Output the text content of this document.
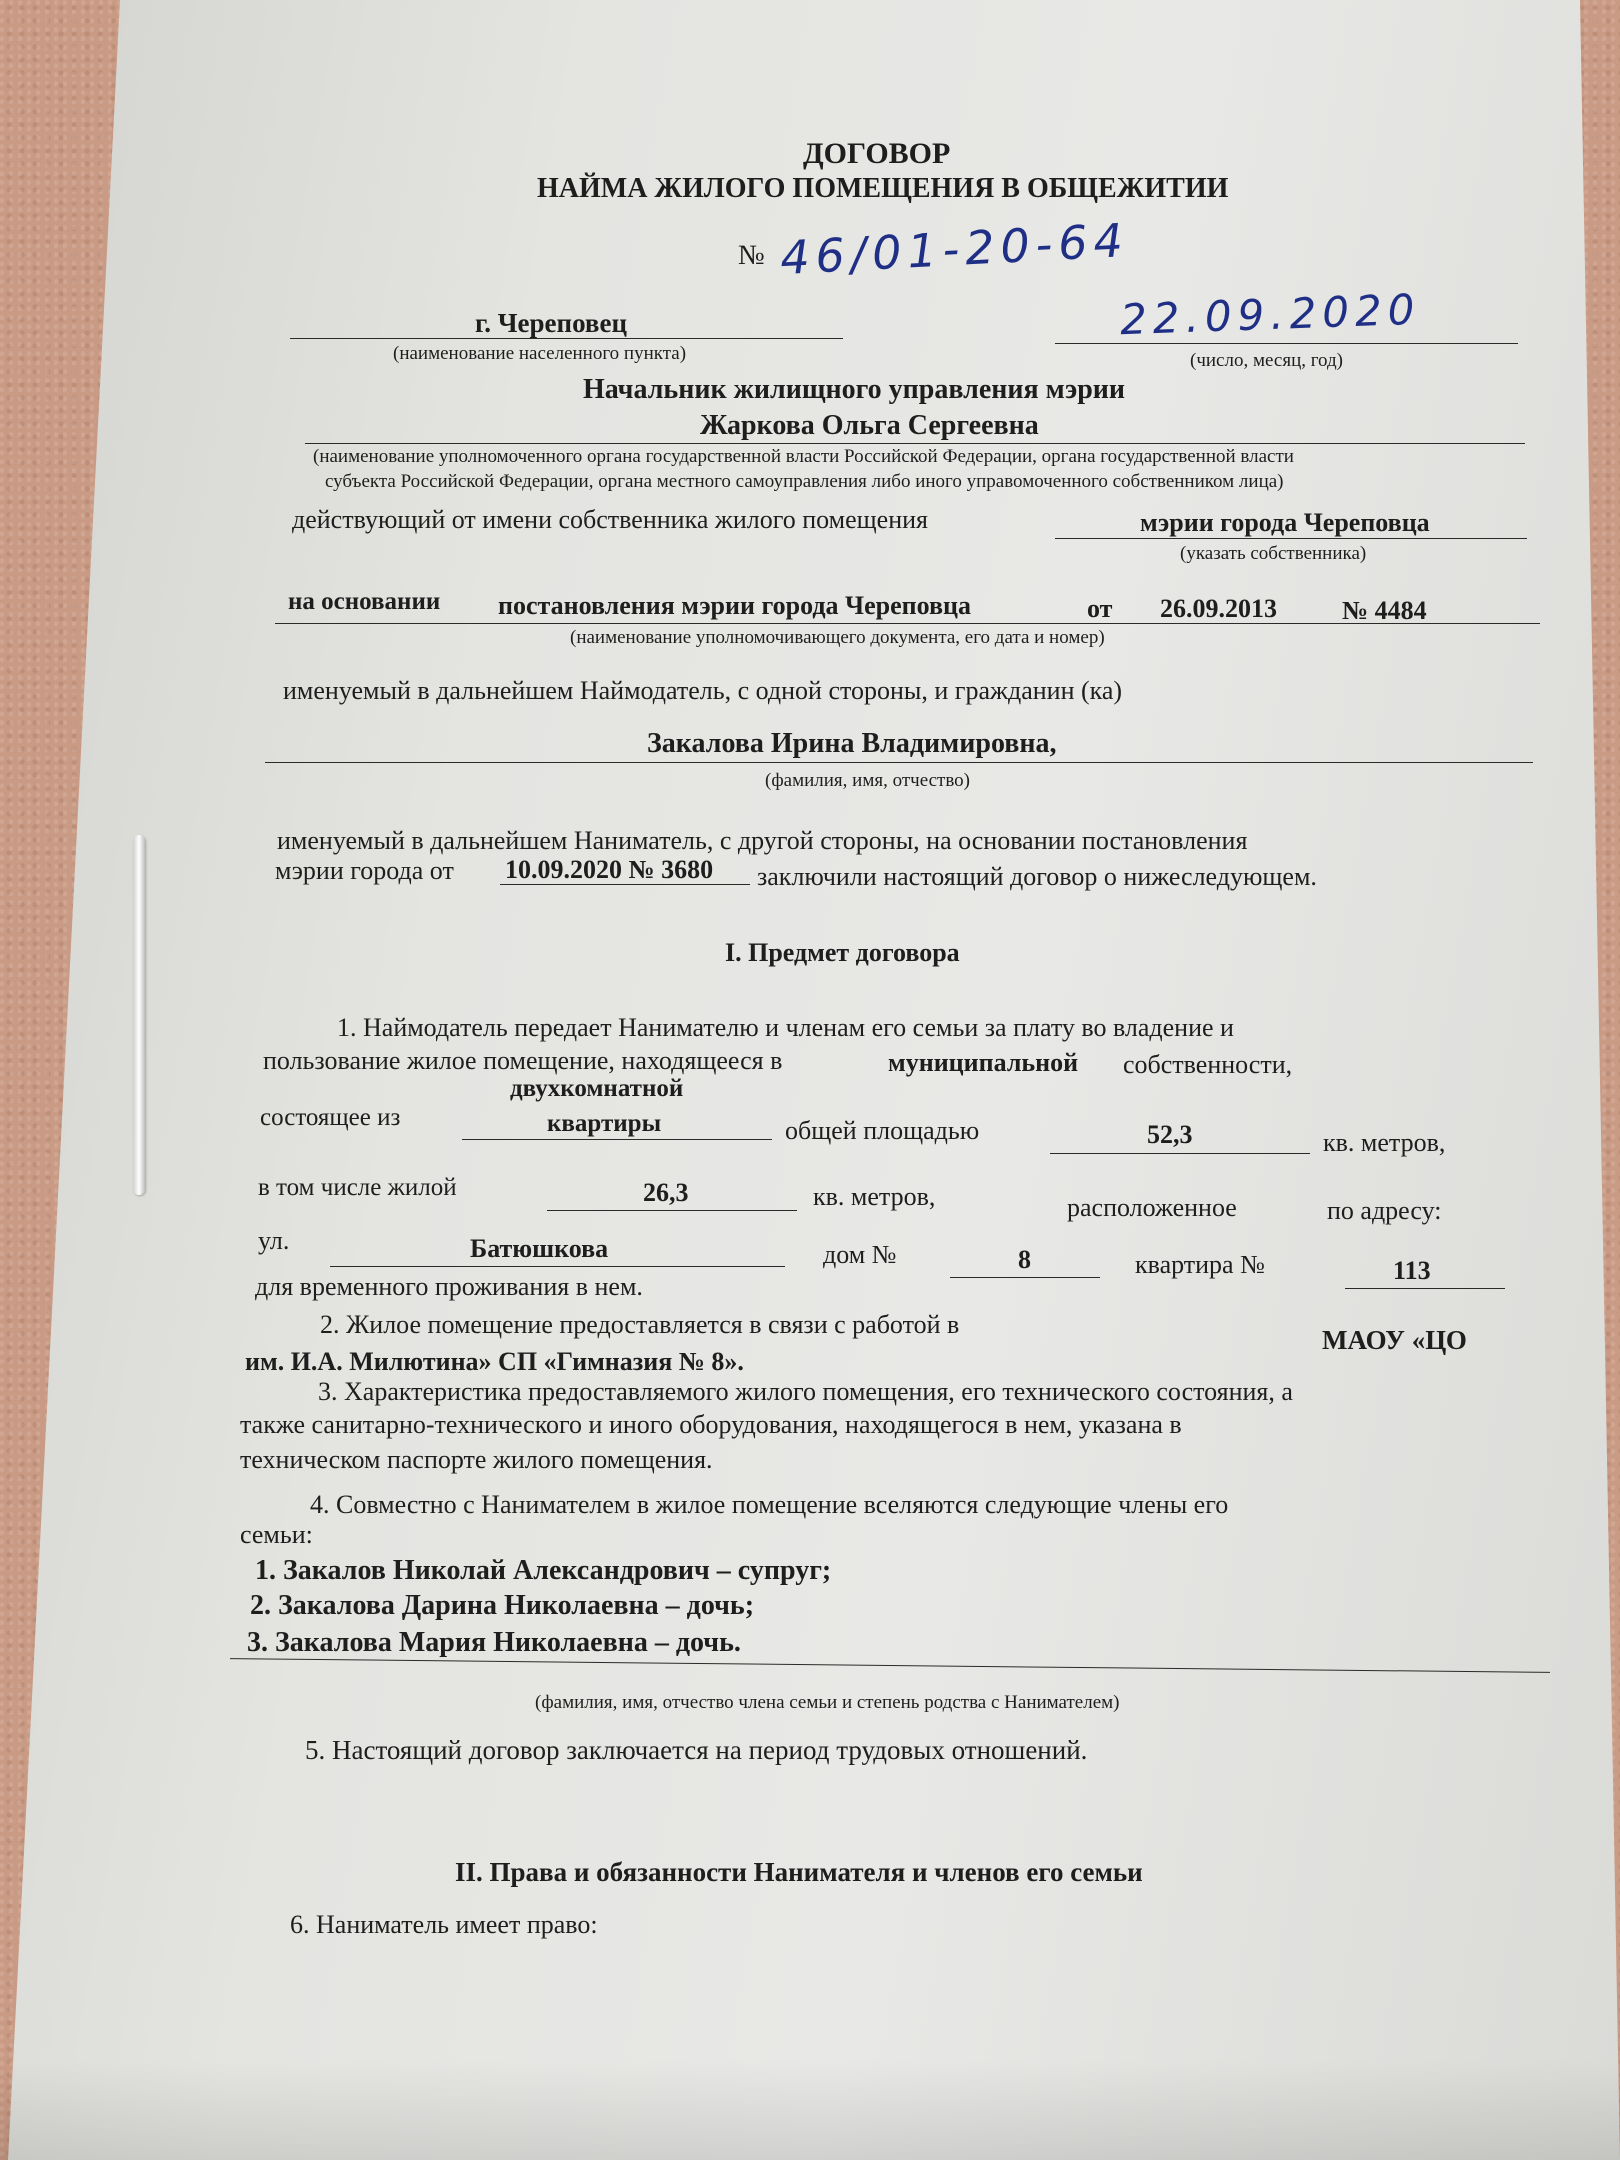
ДОГОВОР
НАЙМА ЖИЛОГО ПОМЕЩЕНИЯ В ОБЩЕЖИТИИ
№ 46/01-20-64
г. Череповец
(наименование населенного пункта)
22.09.2020
(число, месяц, год)
Начальник жилищного управления мэрии
Жаркова Ольга Сергеевна
(наименование уполномоченного органа государственной власти Российской Федерации, органа государственной власти
субъекта Российской Федерации, органа местного самоуправления либо иного управомоченного собственником лица)
действующий от имени собственника жилого помещения	мэрии города Череповца
(указать собственника)
на основании постановления мэрии города Череповца	от 26.09.2013	№ 4484
(наименование уполномочивающего документа, его дата и номер)
именуемый в дальнейшем Наймодатель, с одной стороны, и гражданин (ка)
Закалова Ирина Владимировна,
(фамилия, имя, отчество)
именуемый в дальнейшем Наниматель, с другой стороны, на основании постановления
мэрии города от 10.09.2020 № 3680 заключили настоящий договор о нижеследующем.
I. Предмет договора
1. Наймодатель передает Нанимателю и членам его семьи за плату во владение и
пользование жилое помещение, находящееся в	муниципальной собственности,
двухкомнатной
состоящее из	квартиры	общей площадью	52,3	кв. метров,
в том числе жилой	26,3	кв. метров,	расположенное	по адресу:
ул.	Батюшкова	дом №	8	квартира №	113
для временного проживания в нем.
2. Жилое помещение предоставляется в связи с работой в
МАОУ «ЦО
им. И.А. Милютина» СП «Гимназия № 8».
3. Характеристика предоставляемого жилого помещения, его технического состояния, а
также санитарно-технического и иного оборудования, находящегося в нем, указана в
техническом паспорте жилого помещения.
4. Совместно с Нанимателем в жилое помещение вселяются следующие члены его
семьи:
1. Закалов Николай Александрович – супруг;
2. Закалова Дарина Николаевна – дочь;
3. Закалова Мария Николаевна – дочь.
(фамилия, имя, отчество члена семьи и степень родства с Нанимателем)
5. Настоящий договор заключается на период трудовых отношений.
II. Права и обязанности Нанимателя и членов его семьи
6. Наниматель имеет право:
